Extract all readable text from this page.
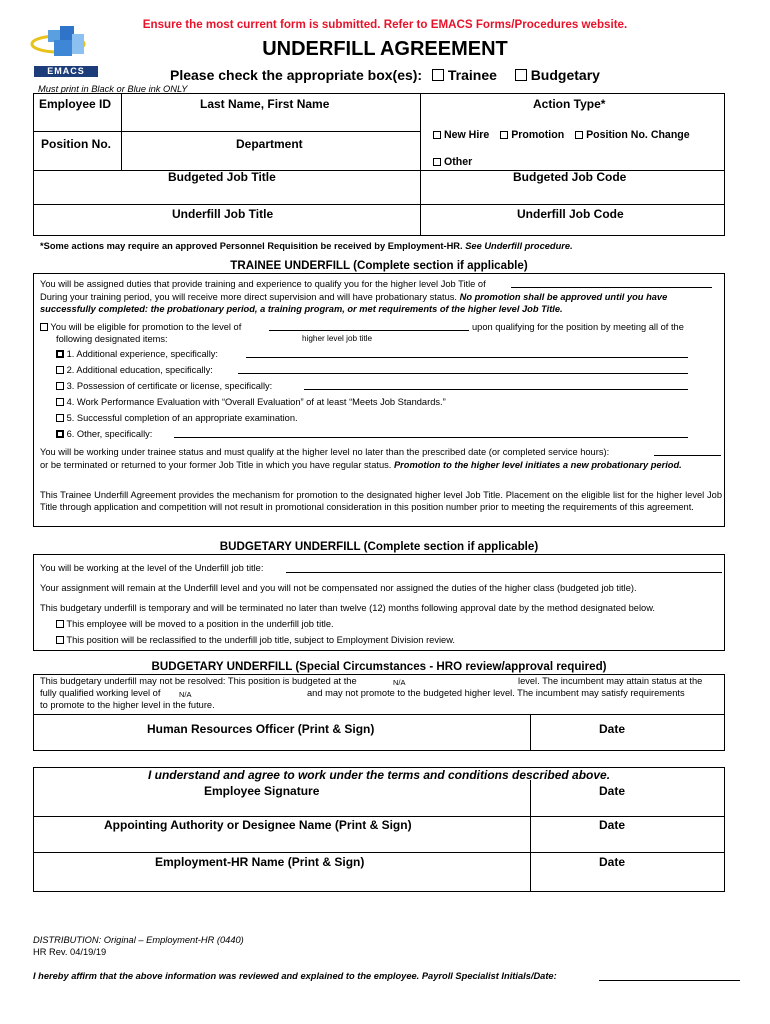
Ensure the most current form is submitted. Refer to EMACS Forms/Procedures website.
EMACS
UNDERFILL AGREEMENT
Please check the appropriate box(es): Trainee Budgetary
Must print in Black or Blue ink ONLY
Employee ID	Last Name, First Name	Action Type*
New Hire Promotion Position No. Change
Other
Position No.	Department
Budgeted Job Title	Budgeted Job Code
Underfill Job Title	Underfill Job Code
*Some actions may require an approved Personnel Requisition be received by Employment-HR. See Underfill procedure.
TRAINEE UNDERFILL (Complete section if applicable)
You will be assigned duties that provide training and experience to qualify you for the higher level Job Title of
During your training period, you will receive more direct supervision and will have probationary status. No promotion shall be approved until you have successfully completed: the probationary period, a training program, or met requirements of the higher level Job Title.
You will be eligible for promotion to the level of	upon qualifying for the position by meeting all of the
following designated items:	higher level job title
1. Additional experience, specifically:
2. Additional education, specifically:
3. Possession of certificate or license, specifically:
4. Work Performance Evaluation with “Overall Evaluation” of at least “Meets Job Standards.”
5. Successful completion of an appropriate examination.
6. Other, specifically:
You will be working under trainee status and must qualify at the higher level no later than the prescribed date (or completed service hours):
or be terminated or returned to your former Job Title in which you have regular status. Promotion to the higher level initiates a new probationary period.
This Trainee Underfill Agreement provides the mechanism for promotion to the designated higher level Job Title. Placement on the eligible list for the higher level Job Title through application and competition will not result in promotional consideration in this position number prior to meeting the requirements of this agreement.
BUDGETARY UNDERFILL (Complete section if applicable)
You will be working at the level of the Underfill job title:
Your assignment will remain at the Underfill level and you will not be compensated nor assigned the duties of the higher class (budgeted job title).
This budgetary underfill is temporary and will be terminated no later than twelve (12) months following approval date by the method designated below.
This employee will be moved to a position in the underfill job title.
This position will be reclassified to the underfill job title, subject to Employment Division review.
BUDGETARY UNDERFILL (Special Circumstances - HRO review/approval required)
This budgetary underfill may not be resolved: This position is budgeted at the	N/A	level. The incumbent may attain status at the
fully qualified working level of N/A	and may not promote to the budgeted higher level. The incumbent may satisfy requirements
to promote to the higher level in the future.
Human Resources Officer (Print & Sign)	Date
I understand and agree to work under the terms and conditions described above.
Employee Signature	Date
Appointing Authority or Designee Name (Print & Sign)	Date
Employment-HR Name (Print & Sign)	Date
DISTRIBUTION: Original – Employment-HR (0440)
HR Rev. 04/19/19
I hereby affirm that the above information was reviewed and explained to the employee. Payroll Specialist Initials/Date:
